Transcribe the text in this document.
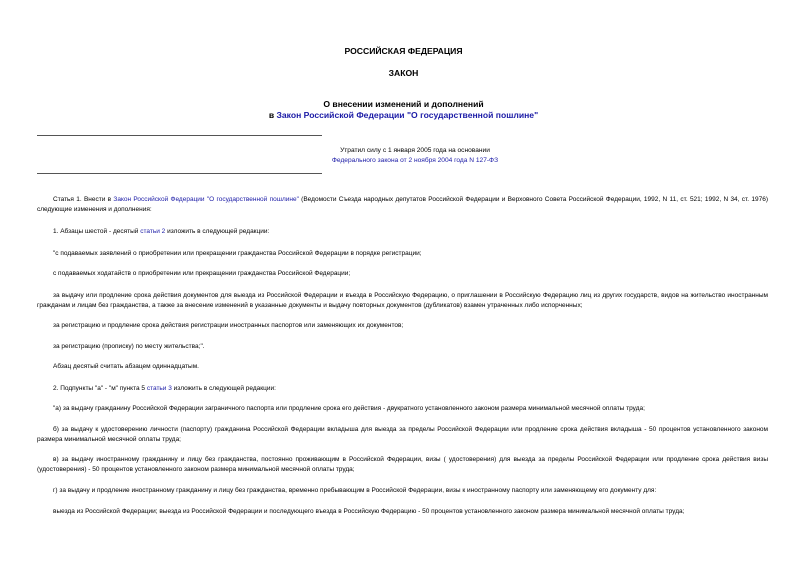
РОССИЙСКАЯ ФЕДЕРАЦИЯ
ЗАКОН
О внесении изменений и дополнений
в Закон Российской Федерации "О государственной пошлине"
Утратил силу с 1 января 2005 года на основании
Федерального закона от 2 ноября 2004 года N 127-ФЗ
Статья 1. Внести в Закон Российской Федерации "О государственной пошлине" (Ведомости Съезда народных депутатов Российской Федерации и Верховного Совета Российской Федерации, 1992, N 11, ст. 521; 1992, N 34, ст. 1976) следующие изменения и дополнения:
1. Абзацы шестой - десятый статьи 2 изложить в следующей редакции:
"с подаваемых заявлений о приобретении или прекращении гражданства Российской Федерации в порядке регистрации;
с подаваемых ходатайств о приобретении или прекращении гражданства Российской Федерации;
за выдачу или продление срока действия документов для выезда из Российской Федерации и въезда в Российскую Федерацию, о приглашении в Российскую Федерацию лиц из других государств, видов на жительство иностранным гражданам и лицам без гражданства, а также за внесение изменений в указанные документы и выдачу повторных документов (дубликатов) взамен утраченных либо испорченных;
за регистрацию и продление срока действия регистрации иностранных паспортов или заменяющих их документов;
за регистрацию (прописку) по месту жительства;".
Абзац десятый считать абзацем одиннадцатым.
2. Подпункты "а" - "м" пункта 5 статьи 3 изложить в следующей редакции:
"а) за выдачу гражданину Российской Федерации заграничного паспорта или продление срока его действия - двукратного установленного законом размера минимальной месячной оплаты труда;
б) за выдачу к удостоверению личности (паспорту) гражданина Российской Федерации вкладыша для выезда за пределы Российской Федерации или продление срока действия вкладыша - 50 процентов установленного законом размера минимальной месячной оплаты труда;
в) за выдачу иностранному гражданину и лицу без гражданства, постоянно проживающим в Российской Федерации, визы ( удостоверения) для выезда за пределы Российской Федерации или продление срока действия визы (удостоверения) - 50 процентов установленного законом размера минимальной месячной оплаты труда;
г) за выдачу и продление иностранному гражданину и лицу без гражданства, временно пребывающим в Российской Федерации, визы к иностранному паспорту или заменяющему его документу для:
выезда из Российской Федерации; выезда из Российской Федерации и последующего въезда в Российскую Федерацию - 50 процентов установленного законом размера минимальной месячной оплаты труда;
